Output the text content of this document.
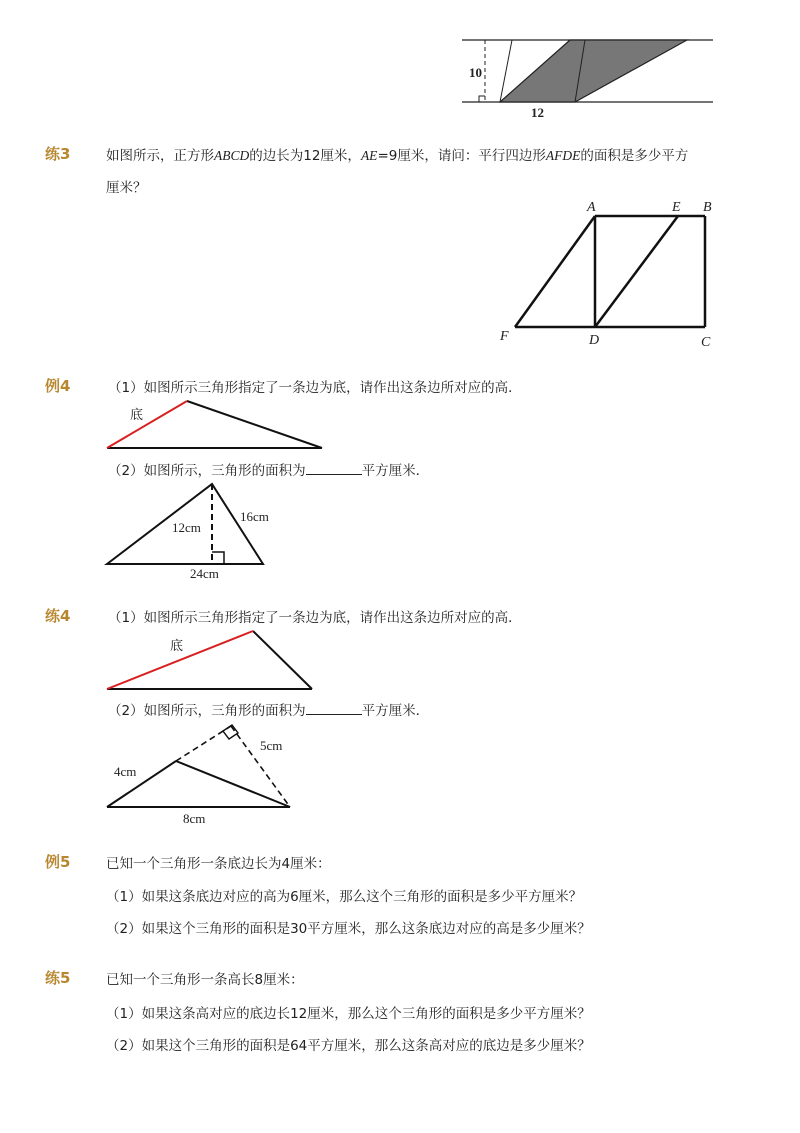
10
12
练3	如图所示，正方形ABCD的边长为12厘米，AE=9厘米，请问：平行四边形AFDE的面积是多少平方
厘米？
A	E B
F	D	C
例4	（1）如图所示三角形指定了一条边为底，请作出这条边所对应的高．
底
（2）如图所示，三角形的面积为	平方厘米．
12cm
16cm
24cm
练4	（1）如图所示三角形指定了一条边为底，请作出这条边所对应的高．
底
（2）如图所示，三角形的面积为	平方厘米．
4cm
5cm
8cm
例5	已知一个三角形一条底边长为4厘米：
（1）如果这条底边对应的高为6厘米，那么这个三角形的面积是多少平方厘米？
（2）如果这个三角形的面积是30平方厘米，那么这条底边对应的高是多少厘米？
练5	已知一个三角形一条高长8厘米：
（1）如果这条高对应的底边长12厘米，那么这个三角形的面积是多少平方厘米？
（2）如果这个三角形的面积是64平方厘米，那么这条高对应的底边是多少厘米？
